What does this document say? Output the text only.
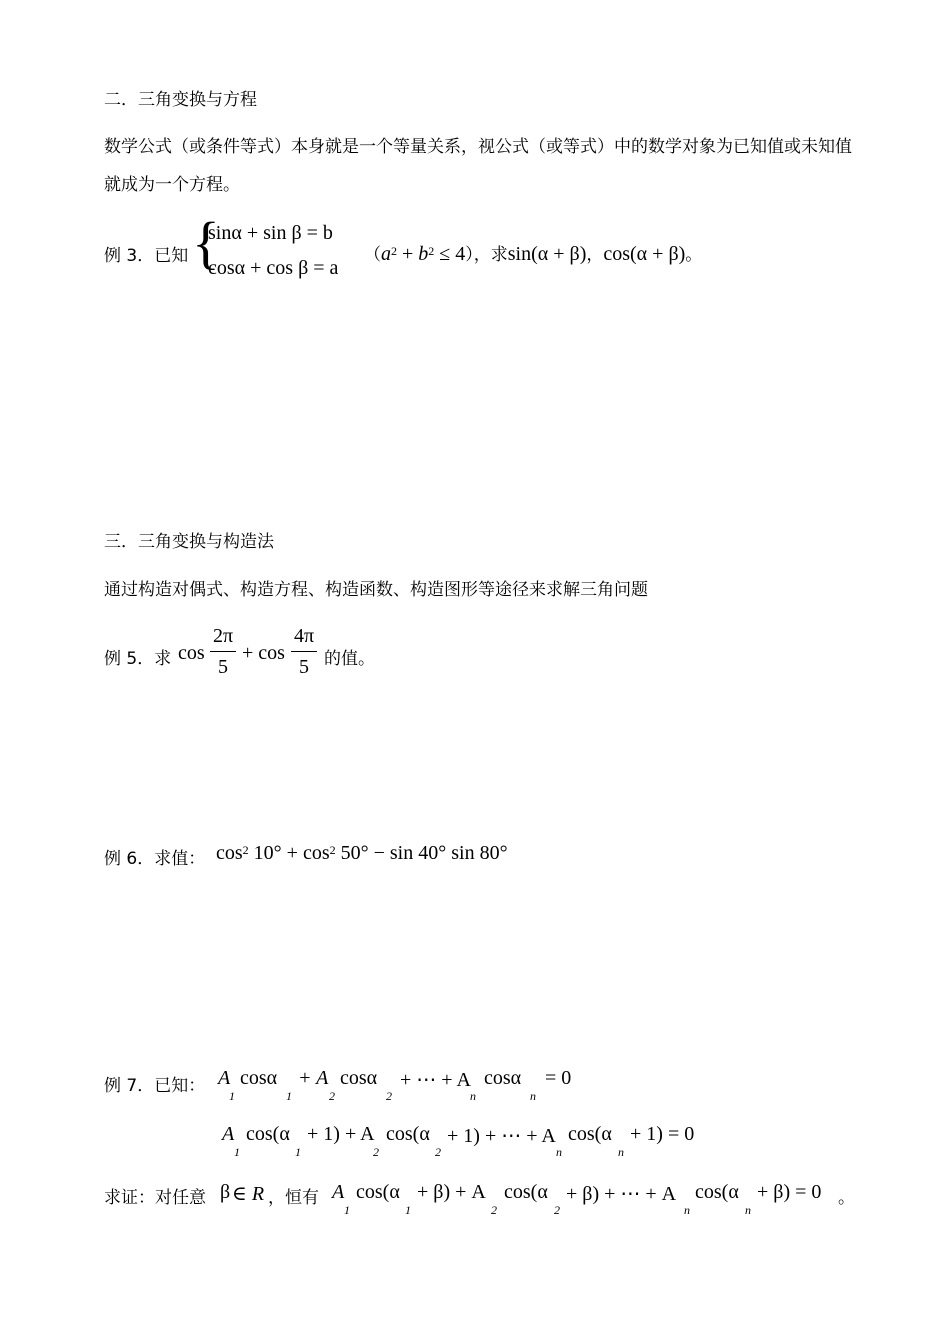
二．三角变换与方程
数学公式（或条件等式）本身就是一个等量关系，视公式（或等式）中的数学对象为已知值或未知值就成为一个方程。
例 3．已知 {
sinα + sin β = b
cosα + cos β = a
$(a^2 + b^2 \le 4)$，求sin(α + β)，cos(α + β)。
三．三角变换与构造法
通过构造对偶式、构造方程、构造函数、构造图形等途径来求解三角问题
例 5．求 cos
2π
5
+ cos
4π
5 的值。
例 6．求值： $\cos^2 10^\circ + \cos^2 50^\circ - \sin 40^\circ$ sin 80°
例 7．已知： A
1
cosα
1
+ A
2
cosα
2
+ ⋯ + A
n
cosα
n
= 0
A
1
cos(α
1
+ 1) + A
2
cos(α
2
+ 1) + ⋯ + A
n
cos(α
n
+ 1) = 0
求证：对任意 β ∈ R ，恒有 A
1
cos(α
1
+ β) + A
2
cos(α
2
+ β) + ⋯ + A
n
cos(α
n
+ β) = 0 。
